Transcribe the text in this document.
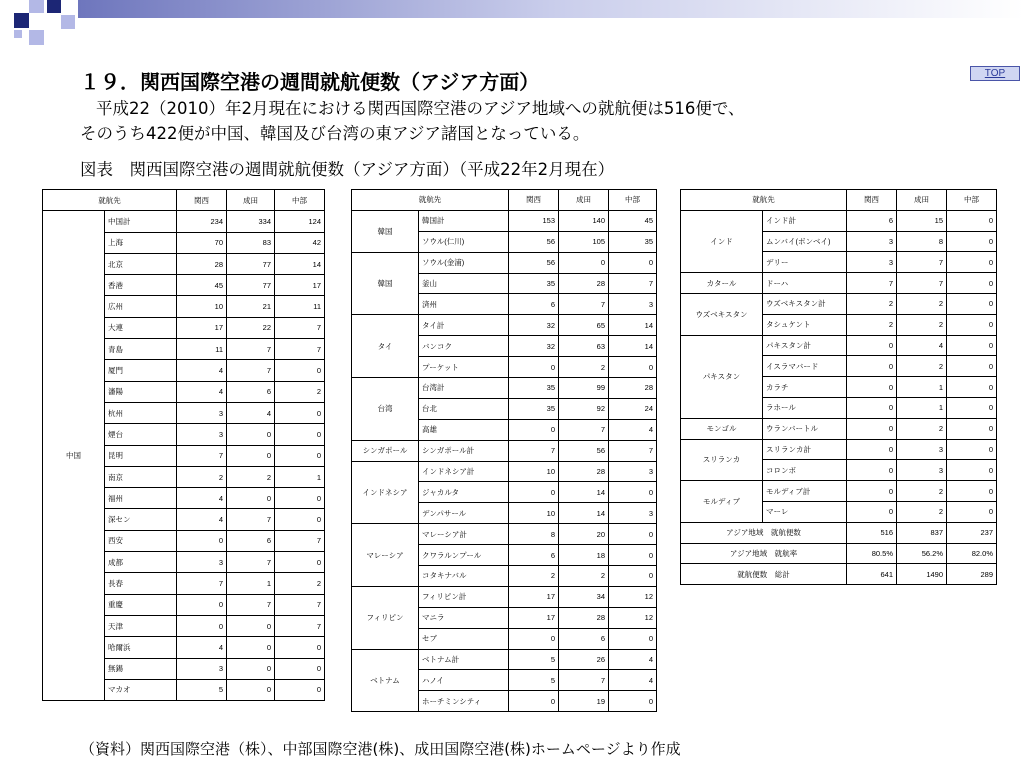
１９．関西国際空港の週間就航便数（アジア方面）	TOP
平成22（2010）年2月現在における関西国際空港のアジア地域への就航便は516便で、
そのうち422便が中国、韓国及び台湾の東アジア諸国となっている。
図表　関西国際空港の週間就航便数（アジア方面）（平成22年2月現在）
就航先		関西	成田	中部
中国	中国計	234	334	124
	上海	70	83	42
	北京	28	77	14
	香港	45	77	17
	広州	10	21	11
	大連	17	22	7
	青島	11	7	7
	厦門	4	7	0
	瀋陽	4	6	2
	杭州	3	4	0
	煙台	3	0	0
	昆明	7	0	0
	南京	2	2	1
	福州	4	0	0
	深セン	4	7	0
	西安	0	6	7
	成都	3	7	0
	長春	7	1	2
	重慶	0	7	7
	天津	0	0	7
	哈爾浜	4	0	0
	無錫	3	0	0
	マカオ	5	0	0
就航先		関西	成田	中部
韓国	韓国計	153	140	45
	ソウル(仁川)	56	105	35
韓国	ソウル(金浦)	56	0	0
	釜山	35	28	7
	済州	6	7	3
タイ	タイ計	32	65	14
	バンコク	32	63	14
	プーケット	0	2	0
台湾	台湾計	35	99	28
	台北	35	92	24
	高雄	0	7	4
シンガポール	シンガポール計	7	56	7
インドネシア	インドネシア計	10	28	3
	ジャカルタ	0	14	0
	デンパサール	10	14	3
マレーシア	マレーシア計	8	20	0
	クワラルンプール	6	18	0
	コタキナバル	2	2	0
フィリピン	フィリピン計	17	34	12
	マニラ	17	28	12
	セブ	0	6	0
ベトナム	ベトナム計	5	26	4
	ハノイ	5	7	4
	ホーチミンシティ	0	19	0
就航先		関西	成田	中部
インド	インド計	6	15	0
	ムンバイ(ボンベイ)	3	8	0
	デリー	3	7	0
カタール	ドーハ	7	7	0
ウズベキスタン	ウズベキスタン計	2	2	0
	タシュケント	2	2	0
パキスタン	パキスタン計	0	4	0
	イスラマバード	0	2	0
	カラチ	0	1	0
	ラホール	0	1	0
モンゴル	ウランバートル	0	2	0
スリランカ	スリランカ計	0	3	0
	コロンボ	0	3	0
モルディブ	モルディブ計	0	2	0
	マーレ	0	2	0
アジア地域　就航便数		516	837	237
アジア地域　就航率		80.5%	56.2%	82.0%
就航便数　総計		641	1490	289
（資料）関西国際空港（株）、中部国際空港(株)、成田国際空港(株)ホームページより作成
